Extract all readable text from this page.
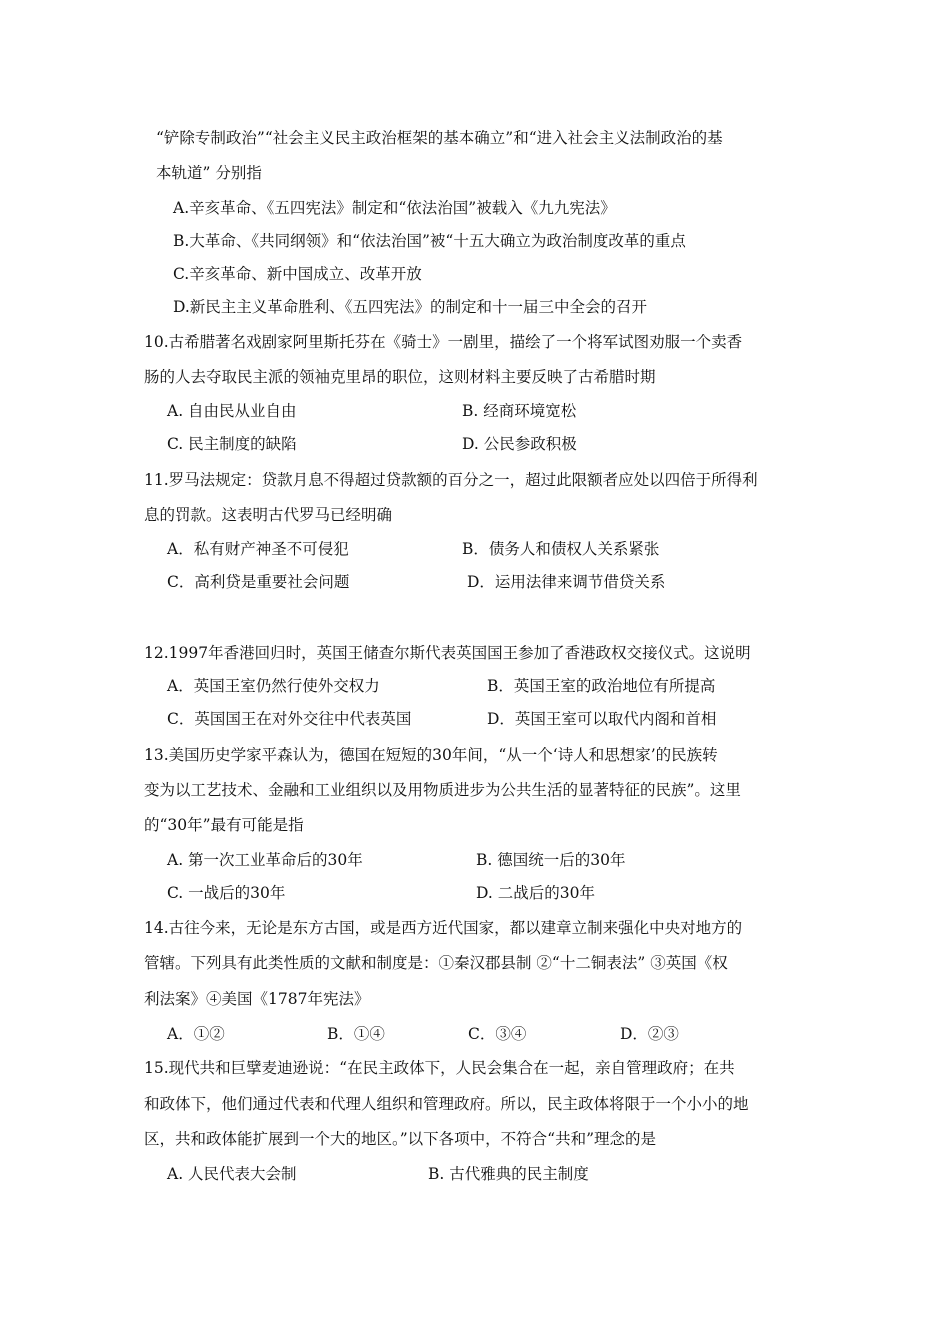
“铲除专制政治”“社会主义民主政治框架的基本确立”和“进入社会主义法制政治的基
本轨道” 分别指
A.辛亥革命、《五四宪法》制定和“依法治国”被载入《九九宪法》
B.大革命、《共同纲领》和“依法治国”被“十五大确立为政治制度改革的重点
C.辛亥革命、新中国成立、改革开放
D.新民主主义革命胜利、《五四宪法》的制定和十一届三中全会的召开
10.古希腊著名戏剧家阿里斯托芬在《骑士》一剧里，描绘了一个将军试图劝服一个卖香
肠的人去夺取民主派的领袖克里昂的职位，这则材料主要反映了古希腊时期
A. 自由民从业自由	B. 经商环境宽松
C. 民主制度的缺陷	D. 公民参政积极
11.罗马法规定：贷款月息不得超过贷款额的百分之一，超过此限额者应处以四倍于所得利
息的罚款。这表明古代罗马已经明确
A．私有财产神圣不可侵犯	B．债务人和债权人关系紧张
C．高利贷是重要社会问题	D．运用法律来调节借贷关系
12.1997年香港回归时，英国王储查尔斯代表英国国王参加了香港政权交接仪式。这说明
A．英国王室仍然行使外交权力	B．英国王室的政治地位有所提高
C．英国国王在对外交往中代表英国	D．英国王室可以取代内阁和首相
13.美国历史学家平森认为，德国在短短的30年间，“从一个‘诗人和思想家’的民族转
变为以工艺技术、金融和工业组织以及用物质进步为公共生活的显著特征的民族”。这里
的“30年”最有可能是指
A. 第一次工业革命后的30年	B. 德国统一后的30年
C. 一战后的30年	D. 二战后的30年
14.古往今来，无论是东方古国，或是西方近代国家，都以建章立制来强化中央对地方的
管辖。下列具有此类性质的文献和制度是：①秦汉郡县制 ②“十二铜表法” ③英国《权
利法案》④美国《1787年宪法》
A．①②	B．①④	C．③④	D．②③
15.现代共和巨擘麦迪逊说：“在民主政体下，人民会集合在一起，亲自管理政府；在共
和政体下，他们通过代表和代理人组织和管理政府。所以，民主政体将限于一个小小的地
区，共和政体能扩展到一个大的地区。”以下各项中，不符合“共和”理念的是
A. 人民代表大会制	B. 古代雅典的民主制度
